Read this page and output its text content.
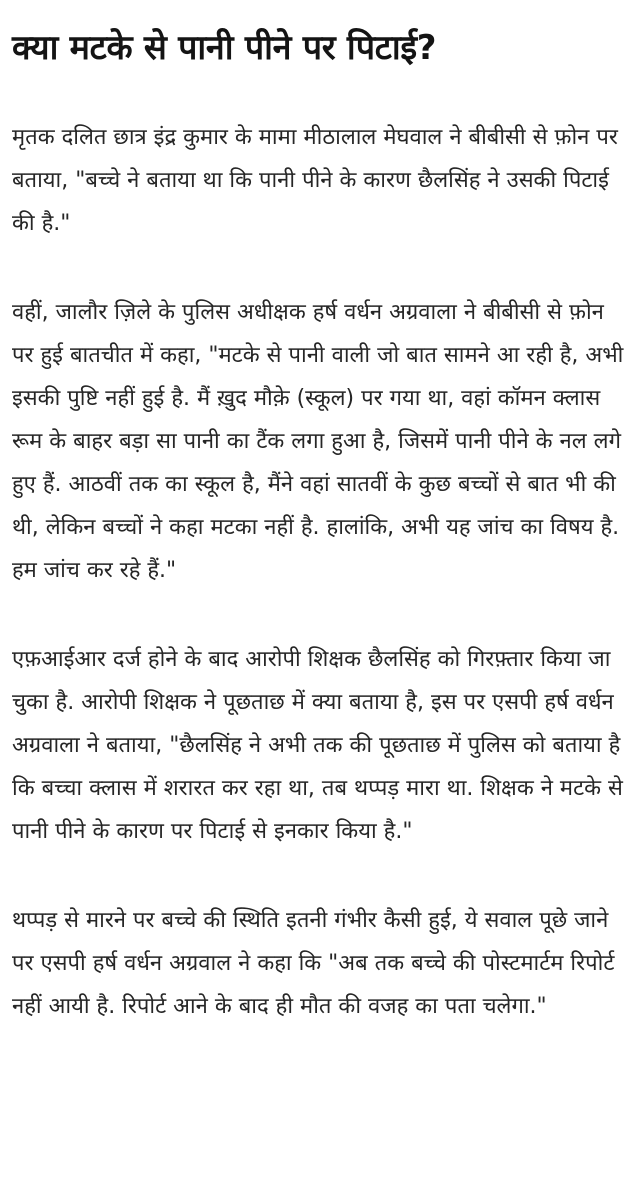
क्या मटके से पानी पीने पर पिटाई?

मृतक दलित छात्र इंद्र कुमार के मामा मीठालाल मेघवाल ने बीबीसी से फ़ोन पर बताया, "बच्चे ने बताया था कि पानी पीने के कारण छैलसिंह ने उसकी पिटाई की है."

वहीं, जालौर ज़िले के पुलिस अधीक्षक हर्ष वर्धन अग्रवाला ने बीबीसी से फ़ोन पर हुई बातचीत में कहा, "मटके से पानी वाली जो बात सामने आ रही है, अभी इसकी पुष्टि नहीं हुई है. मैं ख़ुद मौक़े (स्कूल) पर गया था, वहां कॉमन क्लास रूम के बाहर बड़ा सा पानी का टैंक लगा हुआ है, जिसमें पानी पीने के नल लगे हुए हैं. आठवीं तक का स्कूल है, मैंने वहां सातवीं के कुछ बच्चों से बात भी की थी, लेकिन बच्चों ने कहा मटका नहीं है. हालांकि, अभी यह जांच का विषय है. हम जांच कर रहे हैं."

एफ़आईआर दर्ज होने के बाद आरोपी शिक्षक छैलसिंह को गिरफ़्तार किया जा चुका है. आरोपी शिक्षक ने पूछताछ में क्या बताया है, इस पर एसपी हर्ष वर्धन अग्रवाला ने बताया, "छैलसिंह ने अभी तक की पूछताछ में पुलिस को बताया है कि बच्चा क्लास में शरारत कर रहा था, तब थप्पड़ मारा था. शिक्षक ने मटके से पानी पीने के कारण पर पिटाई से इनकार किया है."

थप्पड़ से मारने पर बच्चे की स्थिति इतनी गंभीर कैसी हुई, ये सवाल पूछे जाने पर एसपी हर्ष वर्धन अग्रवाल ने कहा कि "अब तक बच्चे की पोस्टमार्टम रिपोर्ट नहीं आयी है. रिपोर्ट आने के बाद ही मौत की वजह का पता चलेगा."
